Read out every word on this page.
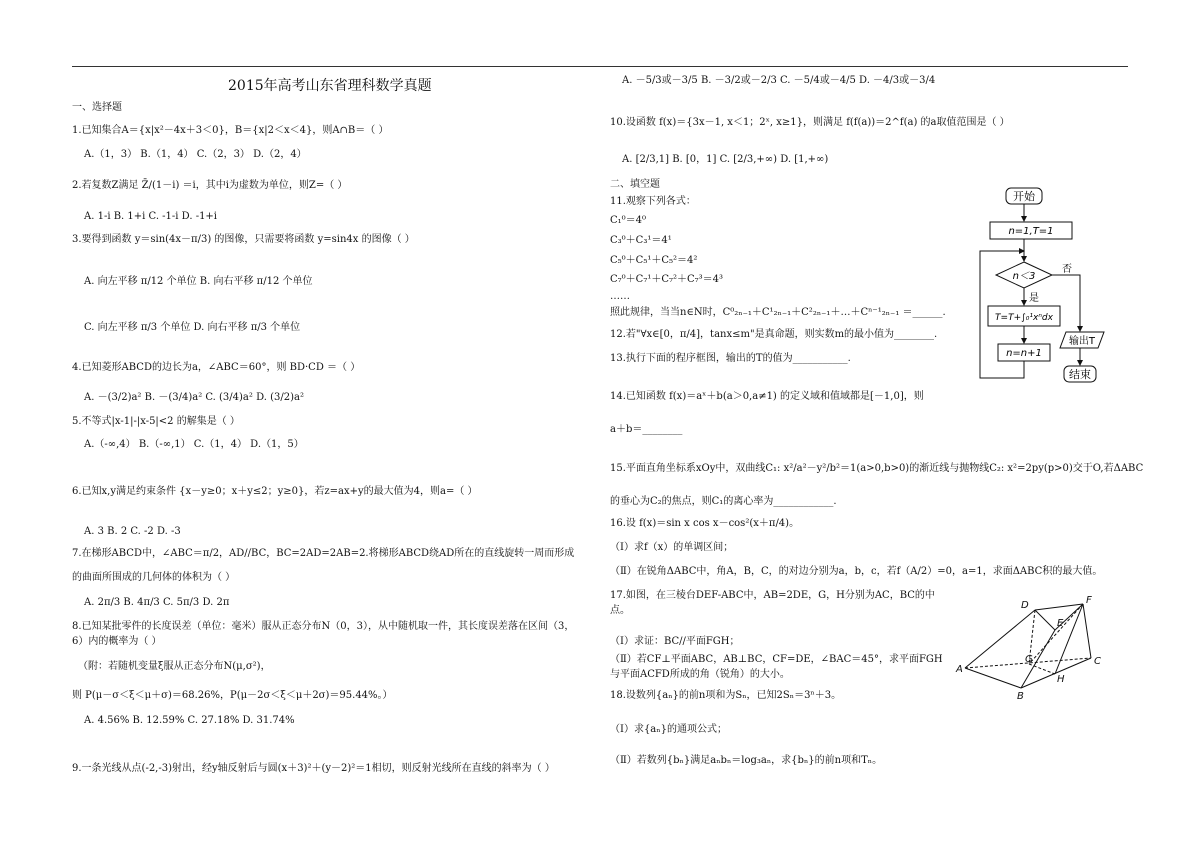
2015年高考山东省理科数学真题
一、选择题
1.已知集合A＝{x|x²－4x＋3＜0}，B＝{x|2＜x＜4}，则A∩B＝（ ）
A.（1，3） B.（1，4） C.（2，3） D.（2，4）
2.若复数Z满足 Z̄/(1－i) ＝i，其中i为虚数为单位，则Z=（ ）
A. 1-i B. 1+i C. -1-i D. -1+i
3.要得到函数 y＝sin(4x－π/3) 的图像，只需要将函数 y=sin4x 的图像（ ）
A. 向左平移 π/12 个单位 B. 向右平移 π/12 个单位
C. 向左平移 π/3 个单位 D. 向右平移 π/3 个单位
4.已知菱形ABCD的边长为a，∠ABC＝60°，则 BD·CD ＝（ ）
A. －(3/2)a² B. －(3/4)a² C. (3/4)a² D. (3/2)a²
5.不等式|x-1|-|x-5|<2 的解集是（ ）
A.（-∞,4） B.（-∞,1） C.（1，4） D.（1，5）
6.已知x,y满足约束条件 {x－y≥0；x＋y≤2；y≥0}，若z=ax+y的最大值为4，则a=（ ）
A. 3 B. 2 C. -2 D. -3
7.在梯形ABCD中，∠ABC＝π/2，AD//BC，BC=2AD=2AB=2.将梯形ABCD绕AD所在的直线旋转一周而形成
的曲面所围成的几何体的体积为（ ）
A. 2π/3 B. 4π/3 C. 5π/3 D. 2π
8.已知某批零件的长度误差（单位：毫米）服从正态分布N（0，3），从中随机取一件，其长度误差落在区间（3，
6）内的概率为（ ）
（附：若随机变量ξ服从正态分布N(μ,σ²)，
则 P(μ－σ＜ξ＜μ＋σ)＝68.26%，P(μ－2σ＜ξ＜μ＋2σ)＝95.44%。）
A. 4.56% B. 12.59% C. 27.18% D. 31.74%
9.一条光线从点(-2,-3)射出，经y轴反射后与圆(x＋3)²＋(y－2)²＝1相切，则反射光线所在直线的斜率为（ ）
A. －5/3或－3/5 B. －3/2或－2/3 C. －5/4或－4/5 D. －4/3或－3/4
10.设函数 f(x)＝{3x－1, x＜1；2ˣ, x≥1}，则满足 f(f(a))＝2^f(a) 的a取值范围是（ ）
A. [2/3,1] B. [0，1] C. [2/3,+∞) D. [1,+∞)
二、填空题
11.观察下列各式：
C₁⁰＝4⁰
C₃⁰＋C₃¹＝4¹
C₅⁰＋C₅¹＋C₅²＝4²
C₇⁰＋C₇¹＋C₇²＋C₇³＝4³
……
照此规律，当当n∈N时，C⁰₂ₙ₋₁＋C¹₂ₙ₋₁＋C²₂ₙ₋₁＋…＋Cⁿ⁻¹₂ₙ₋₁ ＝______.
12.若"∀x∈[0，π/4]，tanx≤m"是真命题，则实数m的最小值为________.
13.执行下面的程序框图，输出的T的值为___________.
14.已知函数 f(x)＝aˣ＋b(a＞0,a≠1) 的定义域和值域都是[－1,0]，则
a＋b＝________
15.平面直角坐标系xOy中，双曲线C₁: x²/a²－y²/b²＝1(a>0,b>0)的渐近线与抛物线C₂: x²=2py(p>0)交于O,若ΔABC
的垂心为C₂的焦点，则C₁的离心率为____________.
16.设 f(x)＝sin x cos x－cos²(x＋π/4)。
（Ⅰ）求f（x）的单调区间；
（Ⅱ）在锐角ΔABC中，角A，B，C，的对边分别为a，b，c，若f（A/2）=0，a=1，求面ΔABC积的最大值。
17.如图，在三棱台DEF-ABC中，AB=2DE，G，H分别为AC，BC的中
点。
（Ⅰ）求证：BC//平面FGH；
（Ⅱ）若CF⊥平面ABC，AB⊥BC，CF=DE，∠BAC＝45°，求平面FGH
与平面ACFD所成的角（锐角）的大小。
18.设数列{aₙ}的前n项和为Sₙ，已知2Sₙ＝3ⁿ＋3。
（Ⅰ）求{aₙ}的通项公式；
（Ⅱ）若数列{bₙ}满足aₙbₙ＝log₃aₙ，求{bₙ}的前n项和Tₙ。
开始
n=1,T=1
n＜3
否
是
T=T+∫₀¹xⁿdx
n=n+1
输出T
结束
D
E
F
G
A
B
C
H
